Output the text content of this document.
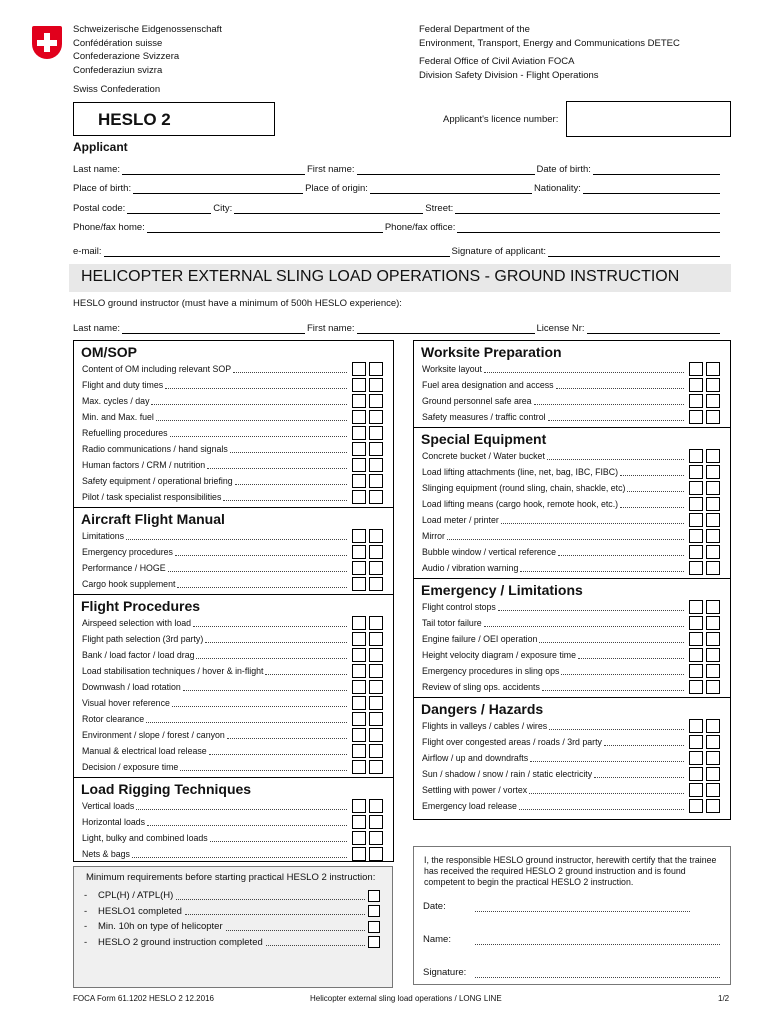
Schweizerische Eidgenossenschaft
Confédération suisse
Confederazione Svizzera
Confederaziun svizra
Swiss Confederation
Federal Department of the
Environment, Transport, Energy and Communications DETEC
Federal Office of Civil Aviation FOCA
Division Safety Division - Flight Operations
HESLO 2	Applicant's licence number:
Applicant
Last name:	First name:	Date of birth:
Place of birth:	Place of origin:	Nationality:
Postal code:	City:	Street:
Phone/fax home:	Phone/fax office:
e-mail:	Signature of applicant:
HELICOPTER EXTERNAL SLING LOAD OPERATIONS - GROUND INSTRUCTION
HESLO ground instructor (must have a minimum of 500h HESLO experience):
Last name:	First name:	License Nr:
OM/SOP
Content of OM including relevant SOP
Flight and duty times
Max. cycles / day
Min. and Max. fuel
Refuelling procedures
Radio communications / hand signals
Human factors / CRM / nutrition
Safety equipment / operational briefing
Pilot / task specialist responsibilities
Aircraft Flight Manual
Limitations
Emergency procedures
Performance / HOGE
Cargo hook supplement
Flight Procedures
Airspeed selection with load
Flight path selection (3rd party)
Bank / load factor / load drag
Load stabilisation techniques / hover & in-flight
Downwash / load rotation
Visual hover reference
Rotor clearance
Environment / slope / forest / canyon
Manual & electrical load release
Decision / exposure time
Load Rigging Techniques
Vertical loads
Horizontal loads
Light, bulky and combined loads
Nets & bags
Worksite Preparation
Worksite layout
Fuel area designation and access
Ground personnel safe area
Safety measures / traffic control
Special Equipment
Concrete bucket / Water bucket
Load lifting attachments (line, net, bag, IBC, FIBC)
Slinging equipment (round sling, chain, shackle, etc)
Load lifting means (cargo hook, remote hook, etc.)
Load meter / printer
Mirror
Bubble window / vertical reference
Audio / vibration warning
Emergency / Limitations
Flight control stops
Tail totor failure
Engine failure / OEI operation
Height velocity diagram / exposure time
Emergency procedures in sling ops
Review of sling ops. accidents
Dangers / Hazards
Flights in valleys / cables / wires
Flight over congested areas / roads / 3rd party
Airflow / up and downdrafts
Sun / shadow / snow / rain / static electricity
Settling with power / vortex
Emergency load release
Minimum requirements before starting practical HESLO 2 instruction:
-	CPL(H) / ATPL(H)
-	HESLO1 completed
-	Min. 10h on type of helicopter
-	HESLO 2 ground instruction completed
I, the responsible HESLO ground instructor, herewith certify that the trainee has received the required HESLO 2 ground instruction and is found competent to begin the practical HESLO 2 instruction.
Date:
Name:
Signature:
FOCA Form 61.1202 HESLO 2 12.2016	Helicopter external sling load operations / LONG LINE	1/2
